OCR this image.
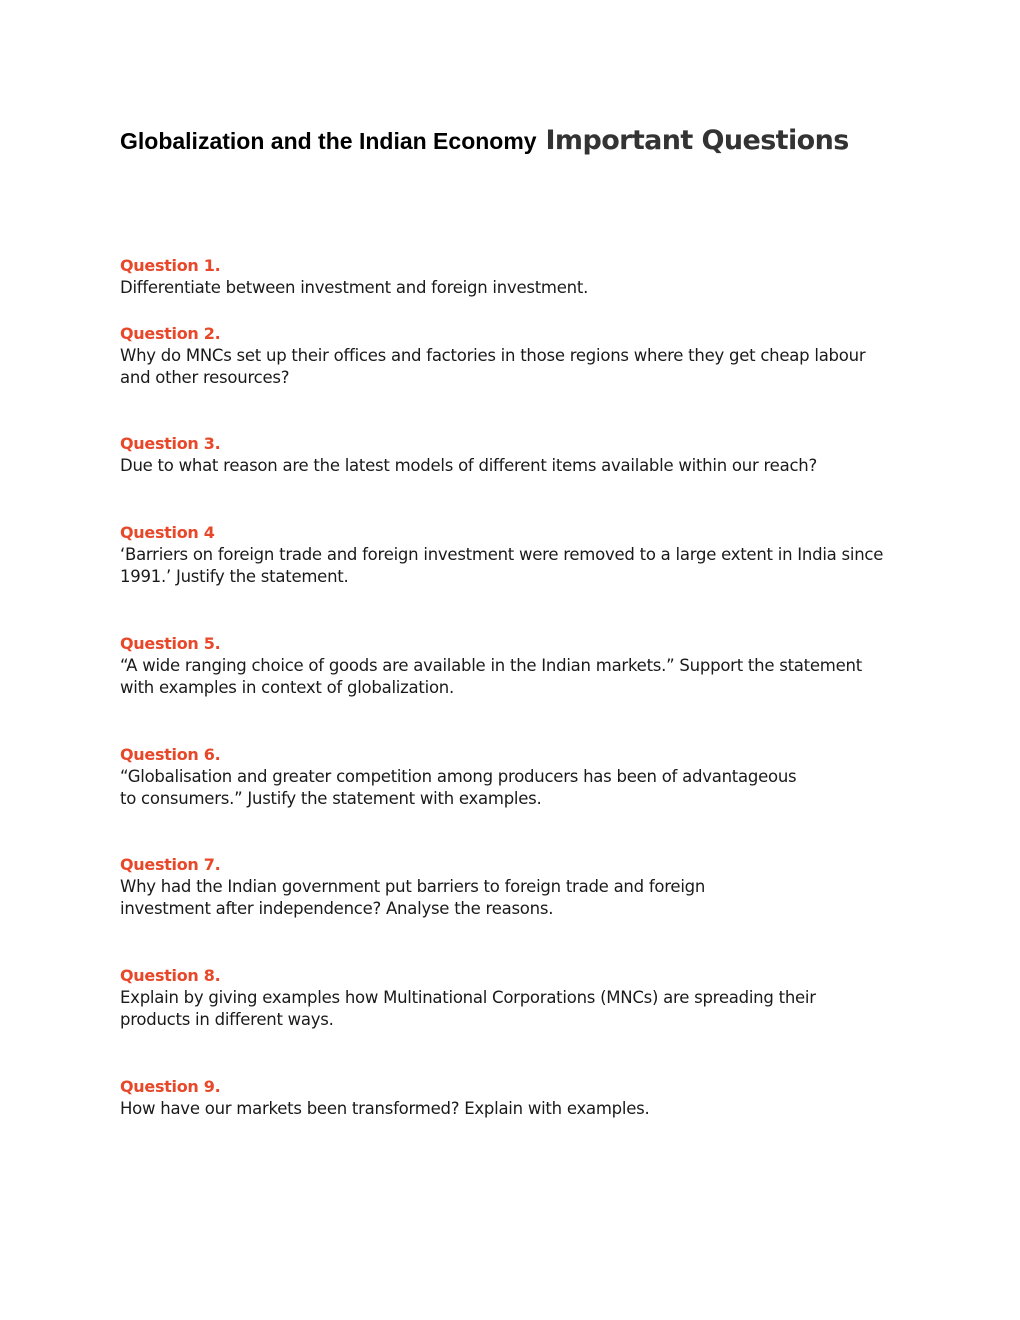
Globalization and the Indian Economy Important Questions
Question 1.
Differentiate between investment and foreign investment.
Question 2.
Why do MNCs set up their offices and factories in those regions where they get cheap labour
and other resources?
Question 3.
Due to what reason are the latest models of different items available within our reach?
Question 4
‘Barriers on foreign trade and foreign investment were removed to a large extent in India since
1991.’ Justify the statement.
Question 5.
“A wide ranging choice of goods are available in the Indian markets.” Support the statement
with examples in context of globalization.
Question 6.
“Globalisation and greater competition among producers has been of advantageous
to consumers.” Justify the statement with examples.
Question 7.
Why had the Indian government put barriers to foreign trade and foreign
investment after independence? Analyse the reasons.
Question 8.
Explain by giving examples how Multinational Corporations (MNCs) are spreading their
products in different ways.
Question 9.
How have our markets been transformed? Explain with examples.
